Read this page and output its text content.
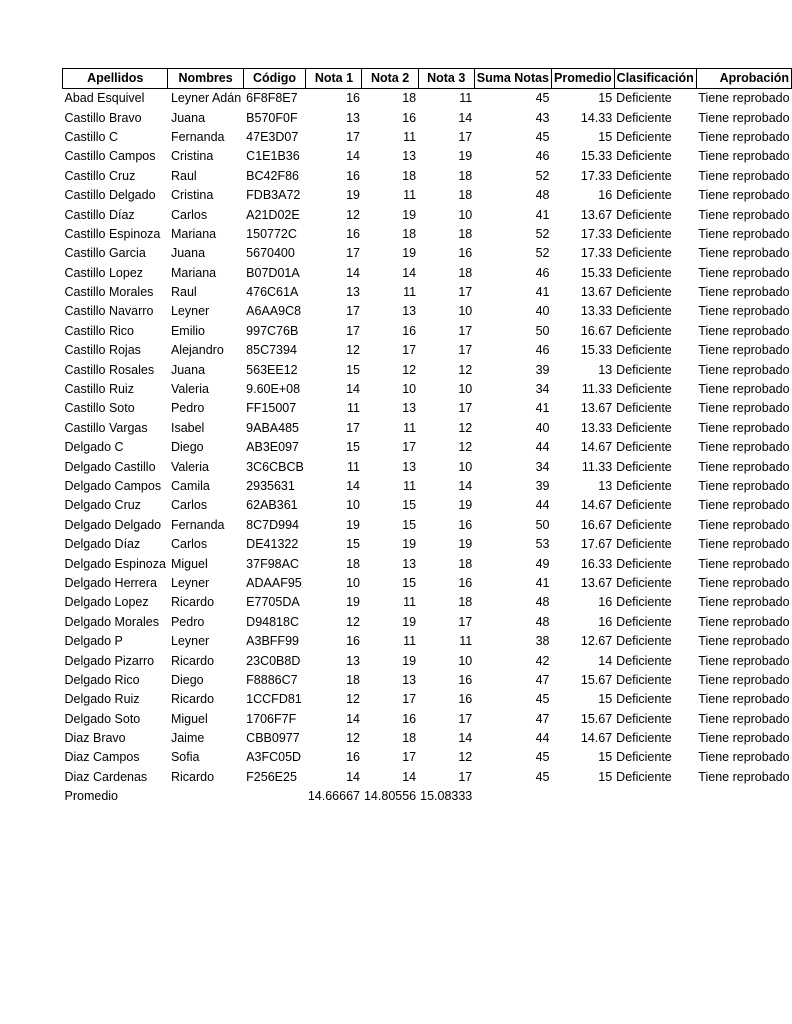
Apellidos	Nombres	Código	Nota 1	Nota 2	Nota 3	Suma Notas	Promedio	Clasificación	Aprobación
Abad Esquivel	Leyner Adán	6F8F8E7	16	18	11	45	15	Deficiente	Tiene reprobado
Castillo Bravo	Juana	B570F0F	13	16	14	43	14.33	Deficiente	Tiene reprobado
Castillo C	Fernanda	47E3D07	17	11	17	45	15	Deficiente	Tiene reprobado
Castillo Campos	Cristina	C1E1B36	14	13	19	46	15.33	Deficiente	Tiene reprobado
Castillo Cruz	Raul	BC42F86	16	18	18	52	17.33	Deficiente	Tiene reprobado
Castillo Delgado	Cristina	FDB3A72	19	11	18	48	16	Deficiente	Tiene reprobado
Castillo Díaz	Carlos	A21D02E	12	19	10	41	13.67	Deficiente	Tiene reprobado
Castillo Espinoza	Mariana	150772C	16	18	18	52	17.33	Deficiente	Tiene reprobado
Castillo Garcia	Juana	5670400	17	19	16	52	17.33	Deficiente	Tiene reprobado
Castillo Lopez	Mariana	B07D01A	14	14	18	46	15.33	Deficiente	Tiene reprobado
Castillo Morales	Raul	476C61A	13	11	17	41	13.67	Deficiente	Tiene reprobado
Castillo Navarro	Leyner	A6AA9C8	17	13	10	40	13.33	Deficiente	Tiene reprobado
Castillo Rico	Emilio	997C76B	17	16	17	50	16.67	Deficiente	Tiene reprobado
Castillo Rojas	Alejandro	85C7394	12	17	17	46	15.33	Deficiente	Tiene reprobado
Castillo Rosales	Juana	563EE12	15	12	12	39	13	Deficiente	Tiene reprobado
Castillo Ruiz	Valeria	9.60E+08	14	10	10	34	11.33	Deficiente	Tiene reprobado
Castillo Soto	Pedro	FF15007	11	13	17	41	13.67	Deficiente	Tiene reprobado
Castillo Vargas	Isabel	9ABA485	17	11	12	40	13.33	Deficiente	Tiene reprobado
Delgado C	Diego	AB3E097	15	17	12	44	14.67	Deficiente	Tiene reprobado
Delgado Castillo	Valeria	3C6CBCB	11	13	10	34	11.33	Deficiente	Tiene reprobado
Delgado Campos	Camila	2935631	14	11	14	39	13	Deficiente	Tiene reprobado
Delgado Cruz	Carlos	62AB361	10	15	19	44	14.67	Deficiente	Tiene reprobado
Delgado Delgado	Fernanda	8C7D994	19	15	16	50	16.67	Deficiente	Tiene reprobado
Delgado Díaz	Carlos	DE41322	15	19	19	53	17.67	Deficiente	Tiene reprobado
Delgado Espinoza	Miguel	37F98AC	18	13	18	49	16.33	Deficiente	Tiene reprobado
Delgado Herrera	Leyner	ADAAF95	10	15	16	41	13.67	Deficiente	Tiene reprobado
Delgado Lopez	Ricardo	E7705DA	19	11	18	48	16	Deficiente	Tiene reprobado
Delgado Morales	Pedro	D94818C	12	19	17	48	16	Deficiente	Tiene reprobado
Delgado P	Leyner	A3BFF99	16	11	11	38	12.67	Deficiente	Tiene reprobado
Delgado Pizarro	Ricardo	23C0B8D	13	19	10	42	14	Deficiente	Tiene reprobado
Delgado Rico	Diego	F8886C7	18	13	16	47	15.67	Deficiente	Tiene reprobado
Delgado Ruiz	Ricardo	1CCFD81	12	17	16	45	15	Deficiente	Tiene reprobado
Delgado Soto	Miguel	1706F7F	14	16	17	47	15.67	Deficiente	Tiene reprobado
Diaz Bravo	Jaime	CBB0977	12	18	14	44	14.67	Deficiente	Tiene reprobado
Diaz Campos	Sofia	A3FC05D	16	17	12	45	15	Deficiente	Tiene reprobado
Diaz Cardenas	Ricardo	F256E25	14	14	17	45	15	Deficiente	Tiene reprobado
Promedio			14.66667	14.80556	15.08333				
